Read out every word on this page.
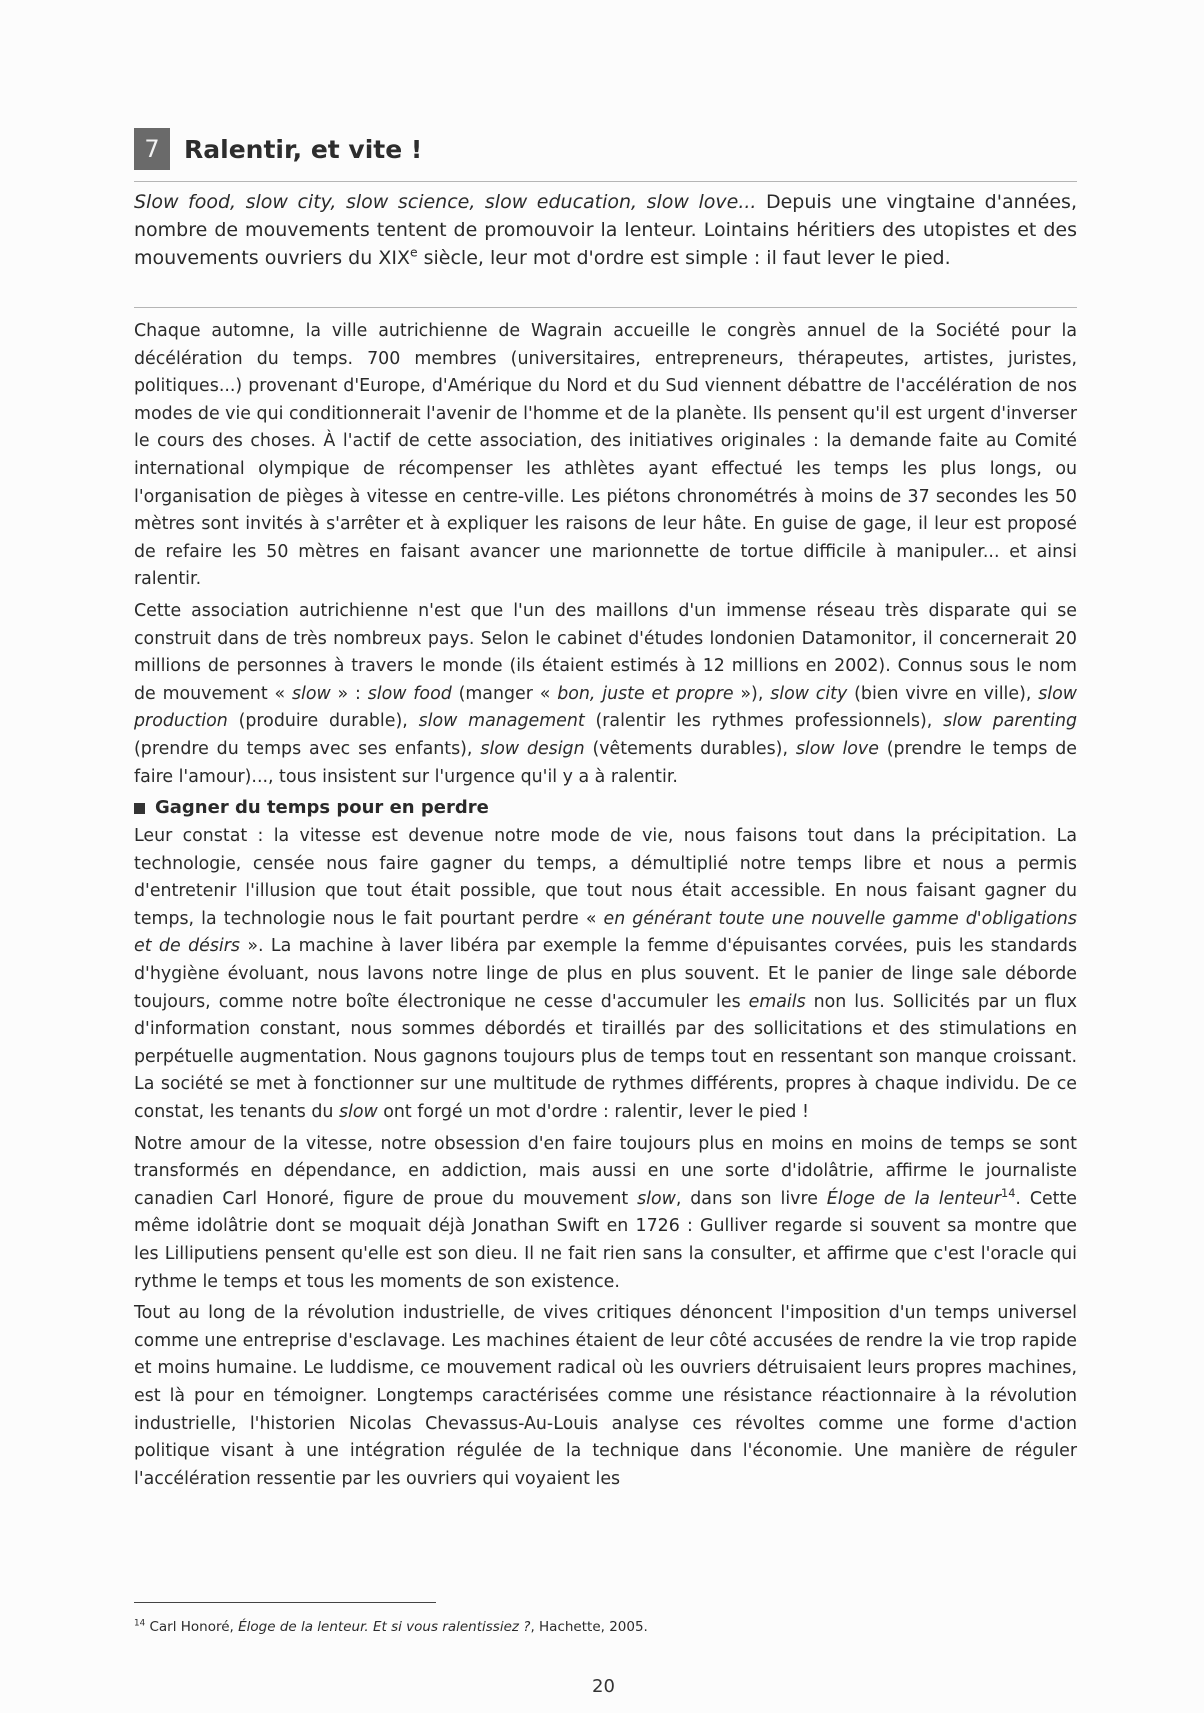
7 Ralentir, et vite !

Slow food, slow city, slow science, slow education, slow love... Depuis une vingtaine d'années, nombre de mouvements tentent de promouvoir la lenteur. Lointains héritiers des utopistes et des mouvements ouvriers du XIXe siècle, leur mot d'ordre est simple : il faut lever le pied.

Chaque automne, la ville autrichienne de Wagrain accueille le congrès annuel de la Société pour la décélération du temps. 700 membres (universitaires, entrepreneurs, thérapeutes, artistes, juristes, politiques...) provenant d'Europe, d'Amérique du Nord et du Sud viennent débattre de l'accélération de nos modes de vie qui conditionnerait l'avenir de l'homme et de la planète. Ils pensent qu'il est urgent d'inverser le cours des choses. À l'actif de cette association, des initiatives originales : la demande faite au Comité international olympique de récompenser les athlètes ayant effectué les temps les plus longs, ou l'organisation de pièges à vitesse en centre-ville. Les piétons chronométrés à moins de 37 secondes les 50 mètres sont invités à s'arrêter et à expliquer les raisons de leur hâte. En guise de gage, il leur est proposé de refaire les 50 mètres en faisant avancer une marionnette de tortue difficile à manipuler... et ainsi ralentir.

Cette association autrichienne n'est que l'un des maillons d'un immense réseau très disparate qui se construit dans de très nombreux pays. Selon le cabinet d'études londonien Datamonitor, il concernerait 20 millions de personnes à travers le monde (ils étaient estimés à 12 millions en 2002). Connus sous le nom de mouvement « slow » : slow food (manger « bon, juste et propre »), slow city (bien vivre en ville), slow production (produire durable), slow management (ralentir les rythmes professionnels), slow parenting (prendre du temps avec ses enfants), slow design (vêtements durables), slow love (prendre le temps de faire l'amour)..., tous insistent sur l'urgence qu'il y a à ralentir.

Gagner du temps pour en perdre

Leur constat : la vitesse est devenue notre mode de vie, nous faisons tout dans la précipitation. La technologie, censée nous faire gagner du temps, a démultiplié notre temps libre et nous a permis d'entretenir l'illusion que tout était possible, que tout nous était accessible. En nous faisant gagner du temps, la technologie nous le fait pourtant perdre « en générant toute une nouvelle gamme d'obligations et de désirs ». La machine à laver libéra par exemple la femme d'épuisantes corvées, puis les standards d'hygiène évoluant, nous lavons notre linge de plus en plus souvent. Et le panier de linge sale déborde toujours, comme notre boîte électronique ne cesse d'accumuler les emails non lus. Sollicités par un flux d'information constant, nous sommes débordés et tiraillés par des sollicitations et des stimulations en perpétuelle augmentation. Nous gagnons toujours plus de temps tout en ressentant son manque croissant. La société se met à fonctionner sur une multitude de rythmes différents, propres à chaque individu. De ce constat, les tenants du slow ont forgé un mot d'ordre : ralentir, lever le pied !

Notre amour de la vitesse, notre obsession d'en faire toujours plus en moins en moins de temps se sont transformés en dépendance, en addiction, mais aussi en une sorte d'idolâtrie, affirme le journaliste canadien Carl Honoré, figure de proue du mouvement slow, dans son livre Éloge de la lenteur$^{14}$. Cette même idolâtrie dont se moquait déjà Jonathan Swift en 1726 : Gulliver regarde si souvent sa montre que les Lilliputiens pensent qu'elle est son dieu. Il ne fait rien sans la consulter, et affirme que c'est l'oracle qui rythme le temps et tous les moments de son existence.

Tout au long de la révolution industrielle, de vives critiques dénoncent l'imposition d'un temps universel comme une entreprise d'esclavage. Les machines étaient de leur côté accusées de rendre la vie trop rapide et moins humaine. Le luddisme, ce mouvement radical où les ouvriers détruisaient leurs propres machines, est là pour en témoigner. Longtemps caractérisées comme une résistance réactionnaire à la révolution industrielle, l'historien Nicolas Chevassus-Au-Louis analyse ces révoltes comme une forme d'action politique visant à une intégration régulée de la technique dans l'économie. Une manière de réguler l'accélération ressentie par les ouvriers qui voyaient les

$^{14}$ Carl Honoré, Éloge de la lenteur. Et si vous ralentissiez ?, Hachette, 2005.
20
